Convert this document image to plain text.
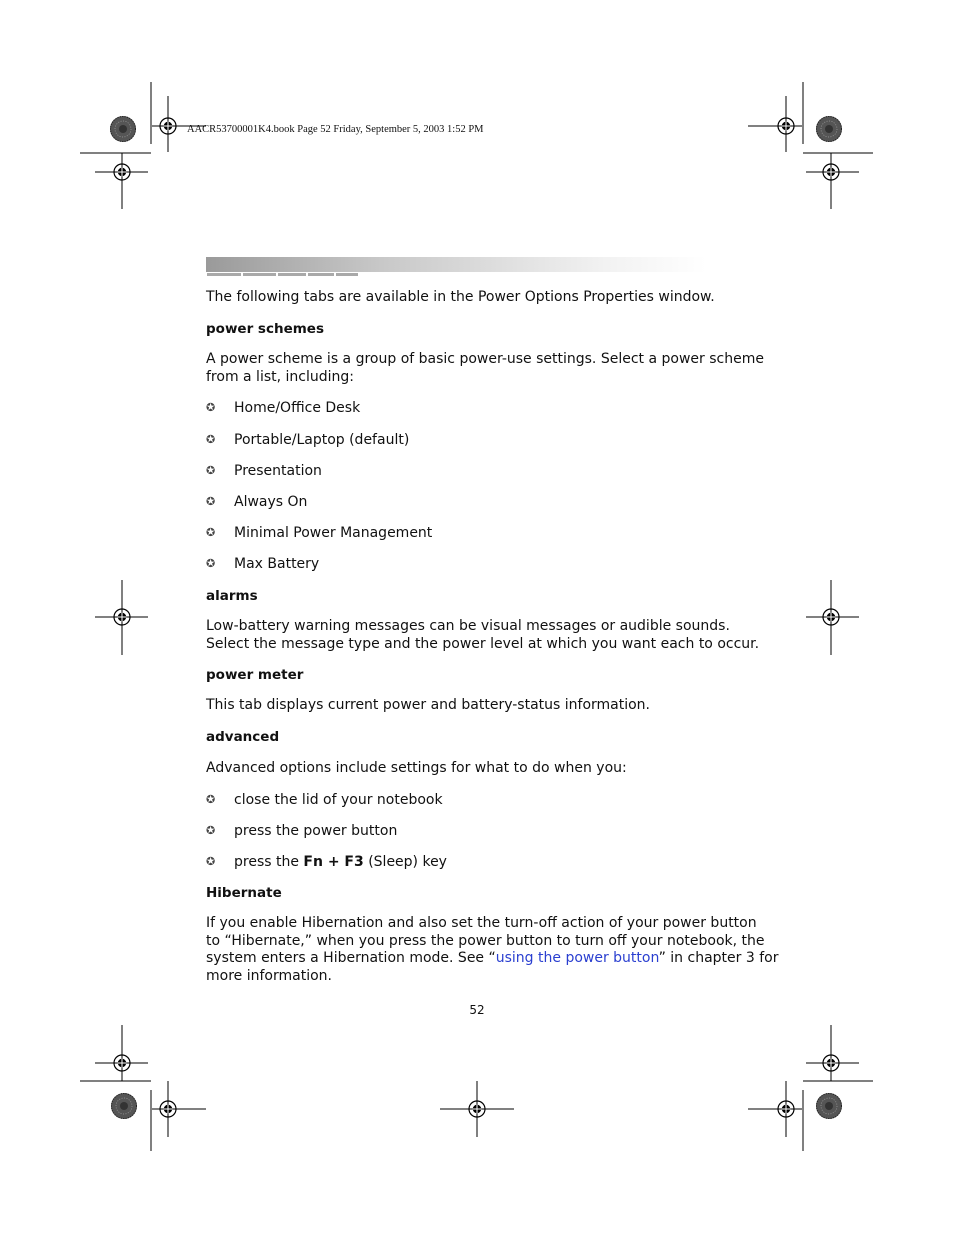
AACR53700001K4.book Page 52 Friday, September 5, 2003 1:52 PM
The following tabs are available in the Power Options Properties window.
power schemes
A power scheme is a group of basic power-use settings. Select a power scheme
from a list, including:
✪ Home/Office Desk
✪ Portable/Laptop (default)
✪ Presentation
✪ Always On
✪ Minimal Power Management
✪ Max Battery
alarms
Low-battery warning messages can be visual messages or audible sounds.
Select the message type and the power level at which you want each to occur.
power meter
This tab displays current power and battery-status information.
advanced
Advanced options include settings for what to do when you:
✪ close the lid of your notebook
✪ press the power button
✪ press the Fn + F3 (Sleep) key
Hibernate
If you enable Hibernation and also set the turn-off action of your power button
to “Hibernate,” when you press the power button to turn off your notebook, the
system enters a Hibernation mode. See “using the power button” in chapter 3 for
more information.
52
